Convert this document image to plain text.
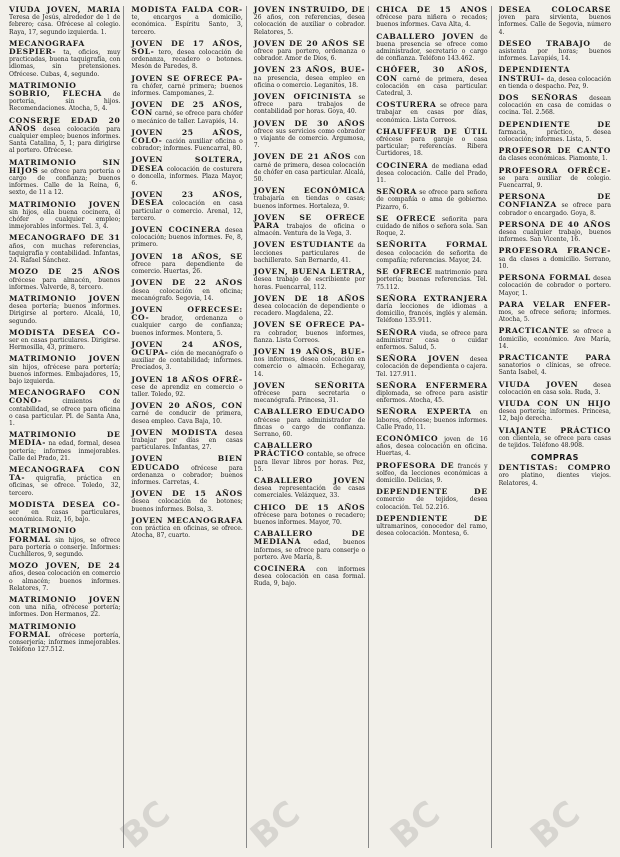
VIUDA JOVEN, MARIA Teresa de Jesús, alrededor de 1 de febrero; casa. Ofrécese al colegio. Raya, 17, segundo izquierda. 1.

MECANOGRAFA DESPIER- ta, oficios, muy practicadas, buena taquigrafía, con idiomas, sin pretensiones. Ofrécese. Cubas, 4, segundo.

MATRIMONIO SOBRIO, FLECHA de portería, sin hijos. Recomendaciones. Atocha, 5, 4.

CONSERJE EDAD 20 AÑOS desea colocación para cualquier empleo; buenos informes. Santa Catalina, 5, 1; para dirigirse al portero. Ofrécese.

MATRIMONIO SIN HIJOS se ofrece para portería o cargo de confianza; buenos informes. Calle de la Reina, 6, sexto, de 11 a 12.

MATRIMONIO JOVEN sin hijos, ella buena cocinera, él chófer o cualquier empleo; inmejorables informes. Tel. 3, 4.

MECANOGRAFO DE 31 años, con muchas referencias, taquigrafía y contabilidad. Infantas, 24. Rafael Sánchez.

MOZO DE 25 AÑOS ofrécese para almacén, buenos informes. Valverde, 8, tercero.

MATRIMONIO JOVEN desea portería; buenos informes. Dirigirse al portero. Alcalá, 10, segundo.

MODISTA DESEA CO- ser en casas particulares. Dirigirse. Hermosilla, 43, primero.

MATRIMONIO JOVEN sin hijos, ofrécese para portería; buenos informes. Embajadores, 15, bajo izquierda.

MECANOGRAFO CON CONO- cimientos de contabilidad, se ofrece para oficina o casa particular. Pl. de Santa Ana, 1.

MATRIMONIO DE MEDIA- na edad, formal, desea portería; informes inmejorables. Calle del Prado, 21.

MECANOGRAFA CON TA- quigrafía, práctica en oficinas, se ofrece. Toledo, 32, tercero.

MODISTA DESEA CO- ser en casas particulares, económica. Ruiz, 16, bajo.

MATRIMONIO FORMAL sin hijos, se ofrece para portería o conserje. Informes: Cuchilleros, 9, segundo.

MOZO JOVEN, DE 24 años, desea colocación en comercio o almacén; buenos informes. Relatores, 7.

MATRIMONIO JOVEN con una niña, ofrécese portería; informes. Don Hermanos, 22.

MATRIMONIO FORMAL ofrécese portería, conserjería; informes inmejorables. Teléfono 127.512.

MODISTA FALDA COR- te, encargos a domicilio, económica. Espíritu Santo, 3, tercero.

JOVEN DE 17 AÑOS, SOL- tero, desea colocación de ordenanza, recadero o botones. Mesón de Paredes, 8.

JOVEN SE OFRECE PA- ra chófer, carné primera; buenos informes. Campomanes, 2.

JOVEN DE 25 AÑOS, CON carné, se ofrece para chófer o mecánico de taller. Lavapiés, 14.

JOVEN 25 AÑOS, COLO- cación auxiliar oficina o cobrador; informes. Fuencarral, 80.

JOVEN SOLTERA, DESEA colocación de costurera o doncella, informes. Plaza Mayor, 6.

JOVEN 23 AÑOS, DESEA colocación en casa particular o comercio. Arenal, 12, tercero.

JOVEN COCINERA desea colocación; buenos informes. Fe, 8, primero.

JOVEN 18 AÑOS, SE ofrece para dependiente de comercio. Huertas, 26.

JOVEN DE 22 AÑOS desea colocación en oficina; mecanógrafo. Segovia, 14.

JOVEN OFRECESE: CO- brador, ordenanza o cualquier cargo de confianza; buenos informes. Montera, 5.

JOVEN 24 AÑOS, OCUPA- ción de mecanógrafo o auxiliar de contabilidad; informes. Preciados, 3.

JOVEN 18 AÑOS OFRÉ- cese de aprendiz en comercio o taller. Toledo, 92.

JOVEN 20 AÑOS, CON carné de conducir de primera, desea empleo. Cava Baja, 10.

JOVEN MODISTA desea trabajar por días en casas particulares. Infantas, 27.

JOVEN BIEN EDUCADO ofrécese para ordenanza o cobrador; buenos informes. Carretas, 4.

JOVEN DE 15 AÑOS desea colocación de botones; buenos informes. Bolsa, 3.

JOVEN MECANOGRAFA con práctica en oficinas, se ofrece. Atocha, 87, cuarto.

JOVEN INSTRUIDO, DE 26 años, con referencias, desea colocación de auxiliar o cobrador. Relatores, 5.

JOVEN DE 20 AÑOS SE ofrece para portero, ordenanza o cobrador. Amor de Dios, 6.

JOVEN 23 AÑOS, BUE- na presencia, desea empleo en oficina o comercio. Leganitos, 18.

JOVEN OFICINISTA se ofrece para trabajos de contabilidad por horas. Goya, 40.

JOVEN DE 30 AÑOS ofrece sus servicios como cobrador o viajante de comercio. Argumosa, 7.

JOVEN DE 21 AÑOS con carné de primera, desea colocación de chófer en casa particular. Alcalá, 50.

JOVEN ECONÓMICA trabajaría en tiendas o casas; buenos informes. Hortaleza, 9.

JOVEN SE OFRECE PARA trabajos de oficina o almacén. Ventura de la Vega, 3.

JOVEN ESTUDIANTE da lecciones particulares de bachillerato. San Bernardo, 41.

JOVEN, BUENA LETRA, desea trabajo de escribiente por horas. Fuencarral, 112.

JOVEN DE 18 AÑOS desea colocación de dependiente o recadero. Magdalena, 22.

JOVEN SE OFRECE PA- ra cobrador, buenos informes, fianza. Lista Correos.

JOVEN 19 AÑOS, BUE- nos informes, desea colocación en comercio o almacén. Echegaray, 14.

JOVEN SEÑORITA ofrécese para secretaria o mecanógrafa. Princesa, 31.

CABALLERO EDUCADO ofrécese para administrador de fincas o cargo de confianza. Serrano, 60.

CABALLERO PRÁCTICO contable, se ofrece para llevar libros por horas. Pez, 15.

CABALLERO JOVEN desea representación de casas comerciales. Velázquez, 33.

CHICO DE 15 AÑOS ofrécese para botones o recadero; buenos informes. Mayor, 70.

CABALLERO DE MEDIANA edad, buenos informes, se ofrece para conserje o portero. Ave María, 8.

COCINERA con informes desea colocación en casa formal. Ruda, 9, bajo.

CHICA DE 15 AÑOS ofrécese para niñera o recados; buenos informes. Cava Alta, 4.

CABALLERO JOVEN de buena presencia se ofrece como administrador, secretario o cargo de confianza. Teléfono 143.462.

CHÓFER, 30 AÑOS, CON carné de primera, desea colocación en casa particular. Catedral, 3.

COSTURERA se ofrece para trabajar en casas por días, económica. Lista Correos.

CHAUFFEUR DE ÚTIL ofrécese para garaje o casa particular; referencias. Ribera Curtidores, 18.

COCINERA de mediana edad desea colocación. Calle del Prado, 11.

SEÑORA se ofrece para señora de compañía o ama de gobierno. Pizarro, 6.

SE OFRECE señorita para cuidado de niños o señora sola. San Roque, 2.

SEÑORITA FORMAL desea colocación de señorita de compañía; referencias. Mayor, 24.

SE OFRECE matrimonio para portería; buenas referencias. Tel. 75.112.

SEÑORA EXTRANJERA daría lecciones de idiomas a domicilio, francés, inglés y alemán. Teléfono 135.911.

SEÑORA viuda, se ofrece para administrar casa o cuidar enfermos. Salud, 5.

SEÑORA JOVEN desea colocación de dependienta o cajera. Tel. 127.911.

SEÑORA ENFERMERA diplomada, se ofrece para asistir enfermos. Atocha, 45.

SEÑORA EXPERTA en labores, ofrécese; buenos informes. Calle Prado, 11.

ECONÓMICO joven de 16 años, desea colocación en oficina. Huertas, 4.

PROFESORA DE francés y solfeo, da lecciones económicas a domicilio. Delicias, 9.

DEPENDIENTE DE comercio de tejidos, desea colocación. Tel. 52.216.

DEPENDIENTE DE ultramarinos, conocedor del ramo, desea colocación. Montesa, 6.

DESEA COLOCARSE joven para sirvienta, buenos informes. Calle de Segovia, número 4.

DESEO TRABAJO de asistenta por horas; buenos informes. Lavapiés, 14.

DEPENDIENTA INSTRUI- da, desea colocación en tienda o despacho. Pez, 9.

DOS SEÑORAS desean colocación en casa de comidas o cocina. Tel. 2.568.

DEPENDIENTE DE farmacia, práctico, desea colocación; informes. Lista, 5.

PROFESOR DE CANTO da clases económicas. Piamonte, 1.

PROFESORA OFRÉCE- se para auxiliar de colegio. Fuencarral, 9.

PERSONA DE CONFIANZA se ofrece para cobrador o encargado. Goya, 8.

PERSONA DE 40 AÑOS desea cualquier trabajo, buenos informes. San Vicente, 16.

PROFESORA FRANCE- sa da clases a domicilio. Serrano, 10.

PERSONA FORMAL desea colocación de cobrador o portero. Mayor, 1.

PARA VELAR ENFER- mos, se ofrece señora; informes. Atocha, 5.

PRACTICANTE se ofrece a domicilio, económico. Ave María, 14.

PRACTICANTE PARA sanatorios o clínicas, se ofrece. Santa Isabel, 4.

VIUDA JOVEN desea colocación en casa sola. Ruda, 3.

VIUDA CON UN HIJO desea portería; informes. Princesa, 12, bajo derecha.

VIAJANTE PRÁCTICO con clientela, se ofrece para casas de tejidos. Teléfono 48.908.

COMPRAS

DENTISTAS: COMPRO oro platino, dientes viejos. Relatores, 4.

BC BC BC BC
